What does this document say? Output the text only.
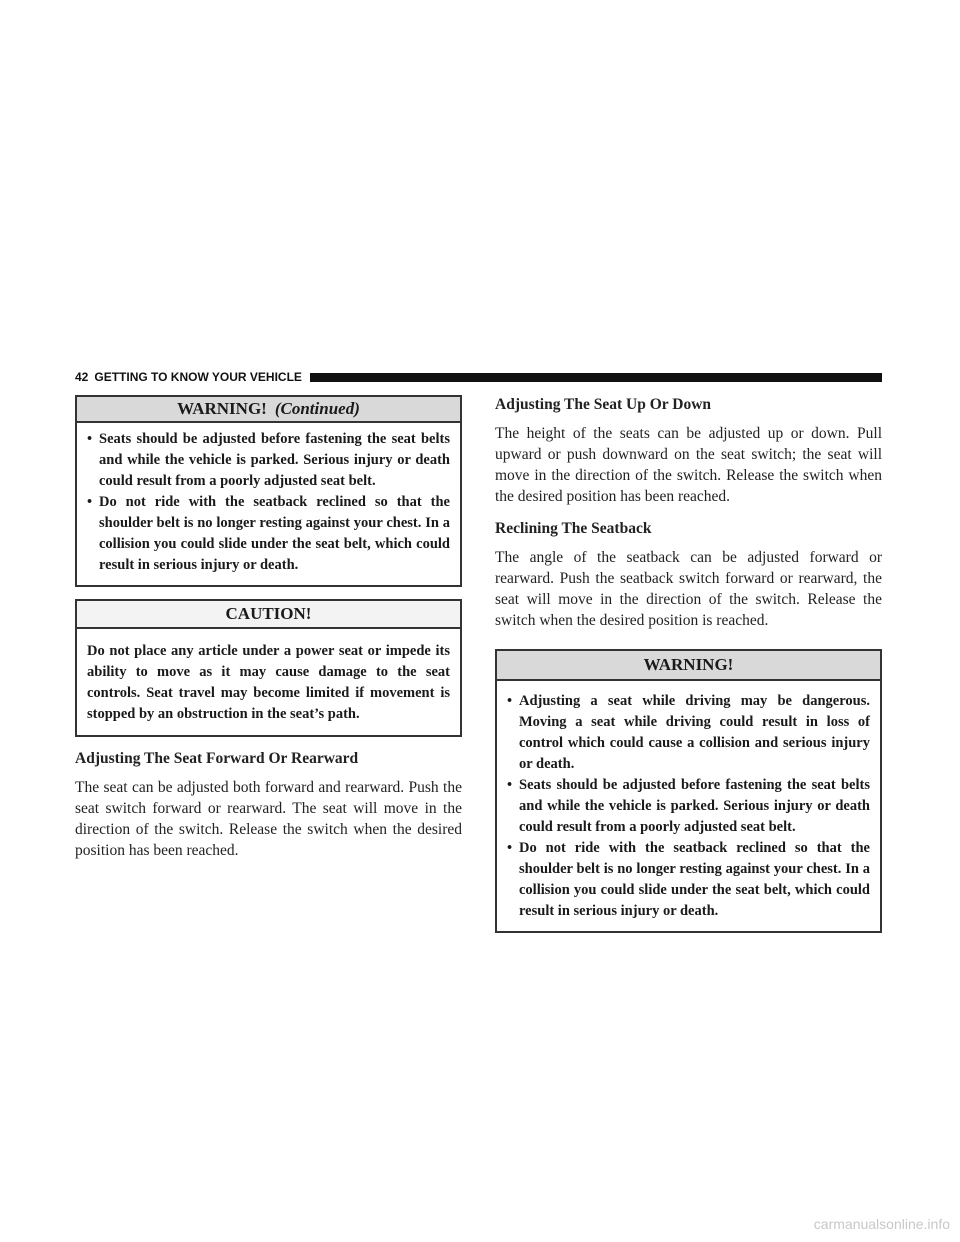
42 GETTING TO KNOW YOUR VEHICLE
WARNING! (Continued)
• Seats should be adjusted before fastening the seat belts and while the vehicle is parked. Serious injury or death could result from a poorly adjusted seat belt.
• Do not ride with the seatback reclined so that the shoulder belt is no longer resting against your chest. In a collision you could slide under the seat belt, which could result in serious injury or death.
CAUTION!
Do not place any article under a power seat or impede its ability to move as it may cause damage to the seat controls. Seat travel may become limited if movement is stopped by an obstruction in the seat’s path.
Adjusting The Seat Forward Or Rearward

The seat can be adjusted both forward and rearward. Push the seat switch forward or rearward. The seat will move in the direction of the switch. Release the switch when the desired position has been reached.

Adjusting The Seat Up Or Down

The height of the seats can be adjusted up or down. Pull upward or push downward on the seat switch; the seat will move in the direction of the switch. Release the switch when the desired position has been reached.

Reclining The Seatback

The angle of the seatback can be adjusted forward or rearward. Push the seatback switch forward or rearward, the seat will move in the direction of the switch. Release the switch when the desired position is reached.

WARNING!
• Adjusting a seat while driving may be dangerous. Moving a seat while driving could result in loss of control which could cause a collision and serious injury or death.
• Seats should be adjusted before fastening the seat belts and while the vehicle is parked. Serious injury or death could result from a poorly adjusted seat belt.
• Do not ride with the seatback reclined so that the shoulder belt is no longer resting against your chest. In a collision you could slide under the seat belt, which could result in serious injury or death.
carmanualsonline.info
